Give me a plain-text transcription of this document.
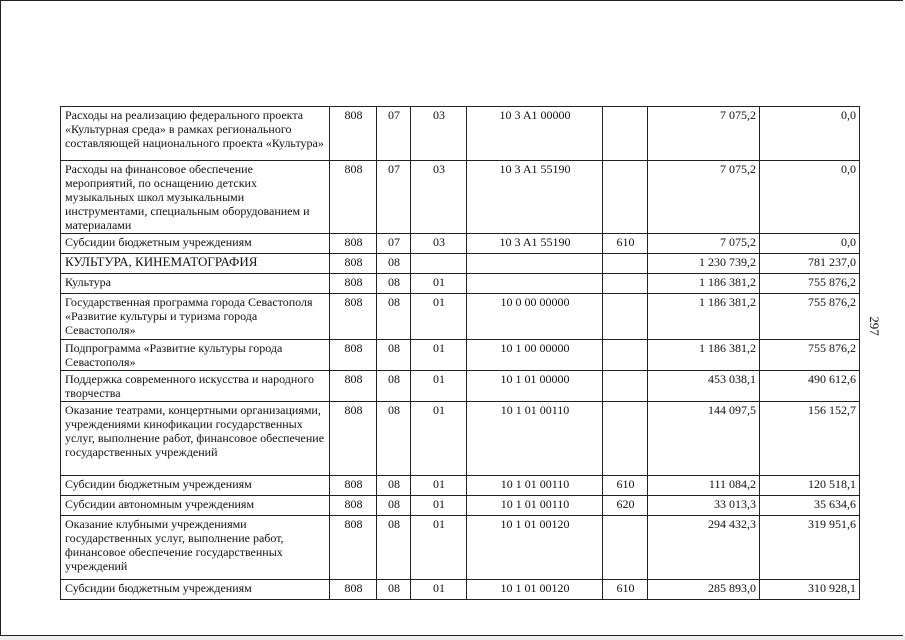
Расходы на реализацию федерального проекта «Культурная среда» в рамках регионального составляющей национального проекта «Культура»	808	07	03	10 3 A1 00000		7 075,2	0,0
Расходы на финансовое обеспечение мероприятий, по оснащению детских музыкальных школ музыкальными инструментами, специальным оборудованием и материалами	808	07	03	10 3 A1 55190		7 075,2	0,0
Субсидии бюджетным учреждениям	808	07	03	10 3 A1 55190	610	7 075,2	0,0
КУЛЬТУРА, КИНЕМАТОГРАФИЯ	808	08				1 230 739,2	781 237,0
Культура	808	08	01			1 186 381,2	755 876,2
Государственная программа города Севастополя «Развитие культуры и туризма города Севастополя»	808	08	01	10 0 00 00000		1 186 381,2	755 876,2
Подпрограмма «Развитие культуры города Севастополя»	808	08	01	10 1 00 00000		1 186 381,2	755 876,2
Поддержка современного искусства и народного творчества	808	08	01	10 1 01 00000		453 038,1	490 612,6
Оказание театрами, концертными организациями, учреждениями кинофикации государственных услуг, выполнение работ, финансовое обеспечение государственных учреждений	808	08	01	10 1 01 00110		144 097,5	156 152,7
Субсидии бюджетным учреждениям	808	08	01	10 1 01 00110	610	111 084,2	120 518,1
Субсидии автономным учреждениям	808	08	01	10 1 01 00110	620	33 013,3	35 634,6
Оказание клубными учреждениями государственных услуг, выполнение работ, финансовое обеспечение государственных учреждений	808	08	01	10 1 01 00120		294 432,3	319 951,6
Субсидии бюджетным учреждениям	808	08	01	10 1 01 00120	610	285 893,0	310 928,1
297
